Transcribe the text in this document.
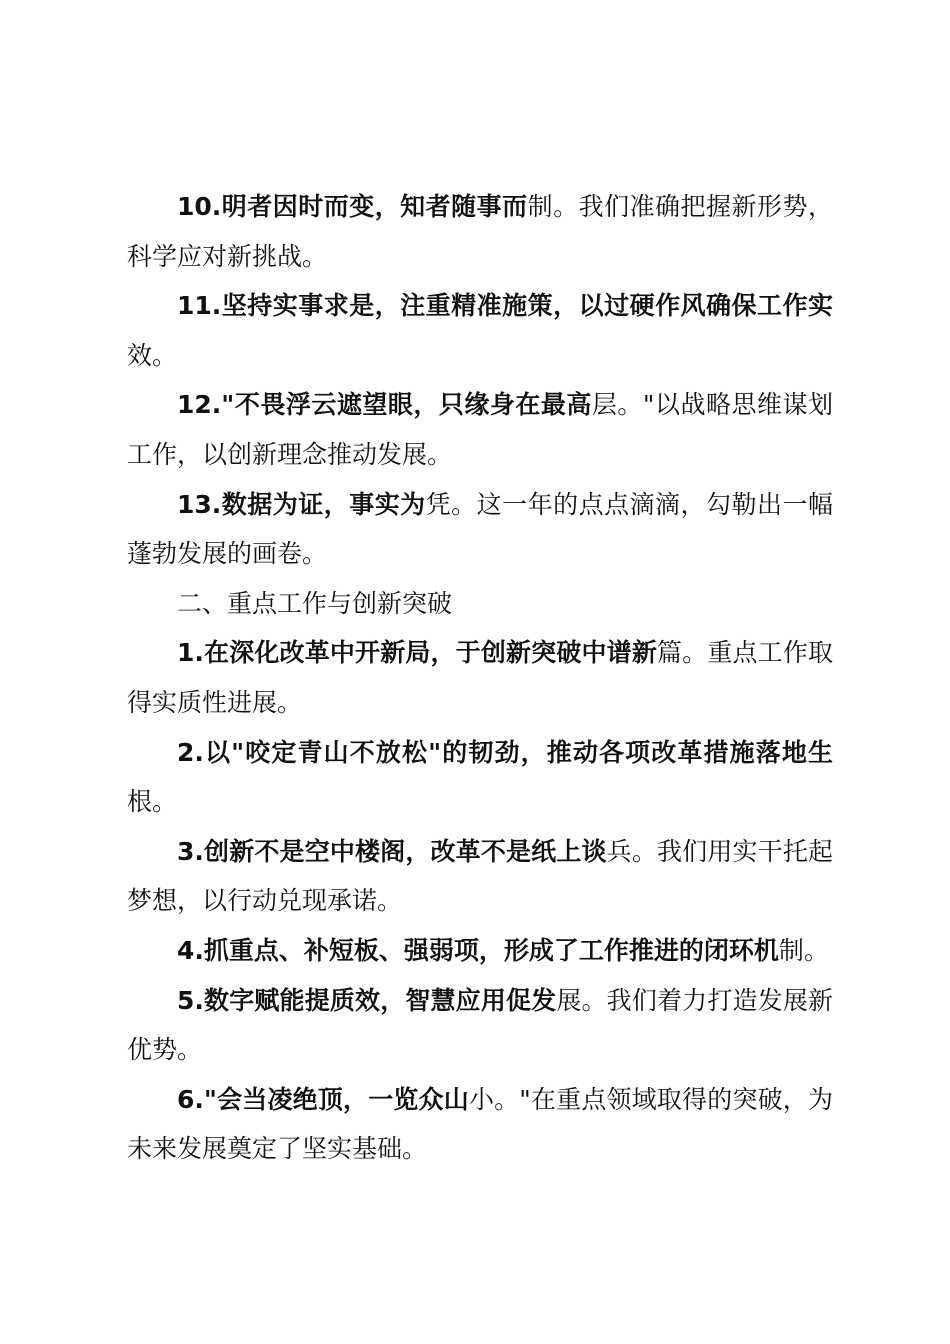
10.明者因时而变，知者随事而制。我们准确把握新形势，科学应对新挑战。

11.坚持实事求是，注重精准施策，以过硬作风确保工作实效。

12."不畏浮云遮望眼，只缘身在最高层。"以战略思维谋划工作，以创新理念推动发展。

13.数据为证，事实为凭。这一年的点点滴滴，勾勒出一幅蓬勃发展的画卷。

二、重点工作与创新突破

1.在深化改革中开新局，于创新突破中谱新篇。重点工作取得实质性进展。

2.以"咬定青山不放松"的韧劲，推动各项改革措施落地生根。

3.创新不是空中楼阁，改革不是纸上谈兵。我们用实干托起梦想，以行动兑现承诺。

4.抓重点、补短板、强弱项，形成了工作推进的闭环机制。

5.数字赋能提质效，智慧应用促发展。我们着力打造发展新优势。

6."会当凌绝顶，一览众山小。"在重点领域取得的突破，为未来发展奠定了坚实基础。
